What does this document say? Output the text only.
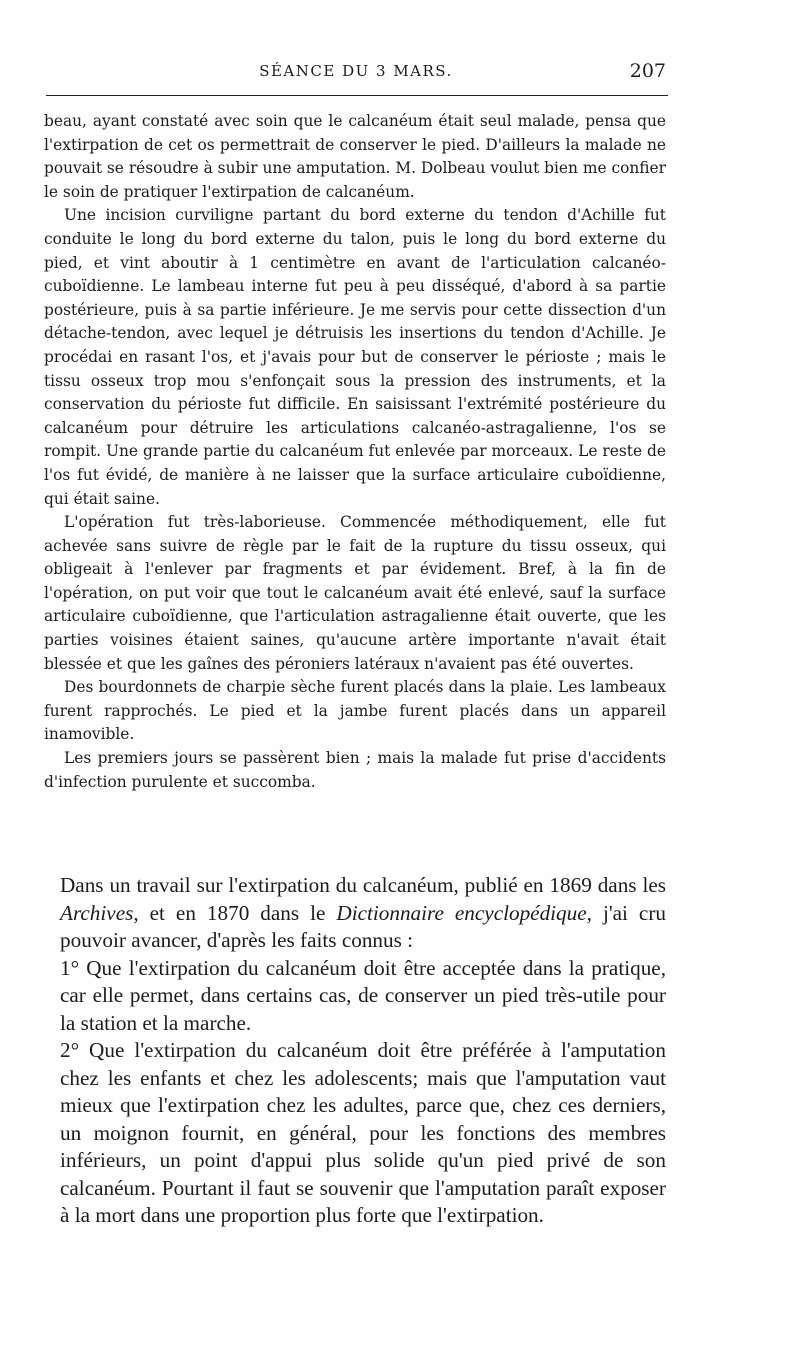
SÉANCE DU 3 MARS.	207

beau, ayant constaté avec soin que le calcanéum était seul malade, pensa que l'extirpation de cet os permettrait de conserver le pied. D'ailleurs la malade ne pouvait se résoudre à subir une amputation. M. Dolbeau voulut bien me confier le soin de pratiquer l'extirpation de calcanéum.

Une incision curviligne partant du bord externe du tendon d'Achille fut conduite le long du bord externe du talon, puis le long du bord externe du pied, et vint aboutir à 1 centimètre en avant de l'articulation calcanéo-cuboïdienne. Le lambeau interne fut peu à peu disséqué, d'abord à sa partie postérieure, puis à sa partie inférieure. Je me servis pour cette dissection d'un détache-tendon, avec lequel je détruisis les insertions du tendon d'Achille. Je procédai en rasant l'os, et j'avais pour but de conserver le périoste ; mais le tissu osseux trop mou s'enfonçait sous la pression des instruments, et la conservation du périoste fut difficile. En saisissant l'extrémité postérieure du calcanéum pour détruire les articulations calcanéo-astragalienne, l'os se rompit. Une grande partie du calcanéum fut enlevée par morceaux. Le reste de l'os fut évidé, de manière à ne laisser que la surface articulaire cuboïdienne, qui était saine.

L'opération fut très-laborieuse. Commencée méthodiquement, elle fut achevée sans suivre de règle par le fait de la rupture du tissu osseux, qui obligeait à l'enlever par fragments et par évidement. Bref, à la fin de l'opération, on put voir que tout le calcanéum avait été enlevé, sauf la surface articulaire cuboïdienne, que l'articulation astragalienne était ouverte, que les parties voisines étaient saines, qu'aucune artère importante n'avait était blessée et que les gaînes des péroniers latéraux n'avaient pas été ouvertes.

Des bourdonnets de charpie sèche furent placés dans la plaie. Les lambeaux furent rapprochés. Le pied et la jambe furent placés dans un appareil inamovible.

Les premiers jours se passèrent bien ; mais la malade fut prise d'accidents d'infection purulente et succomba.

Dans un travail sur l'extirpation du calcanéum, publié en 1869 dans les Archives, et en 1870 dans le Dictionnaire encyclopédique, j'ai cru pouvoir avancer, d'après les faits connus :

1° Que l'extirpation du calcanéum doit être acceptée dans la pratique, car elle permet, dans certains cas, de conserver un pied très-utile pour la station et la marche.

2° Que l'extirpation du calcanéum doit être préférée à l'amputation chez les enfants et chez les adolescents; mais que l'amputation vaut mieux que l'extirpation chez les adultes, parce que, chez ces derniers, un moignon fournit, en général, pour les fonctions des membres inférieurs, un point d'appui plus solide qu'un pied privé de son calcanéum. Pourtant il faut se souvenir que l'amputation paraît exposer à la mort dans une proportion plus forte que l'extirpation.
